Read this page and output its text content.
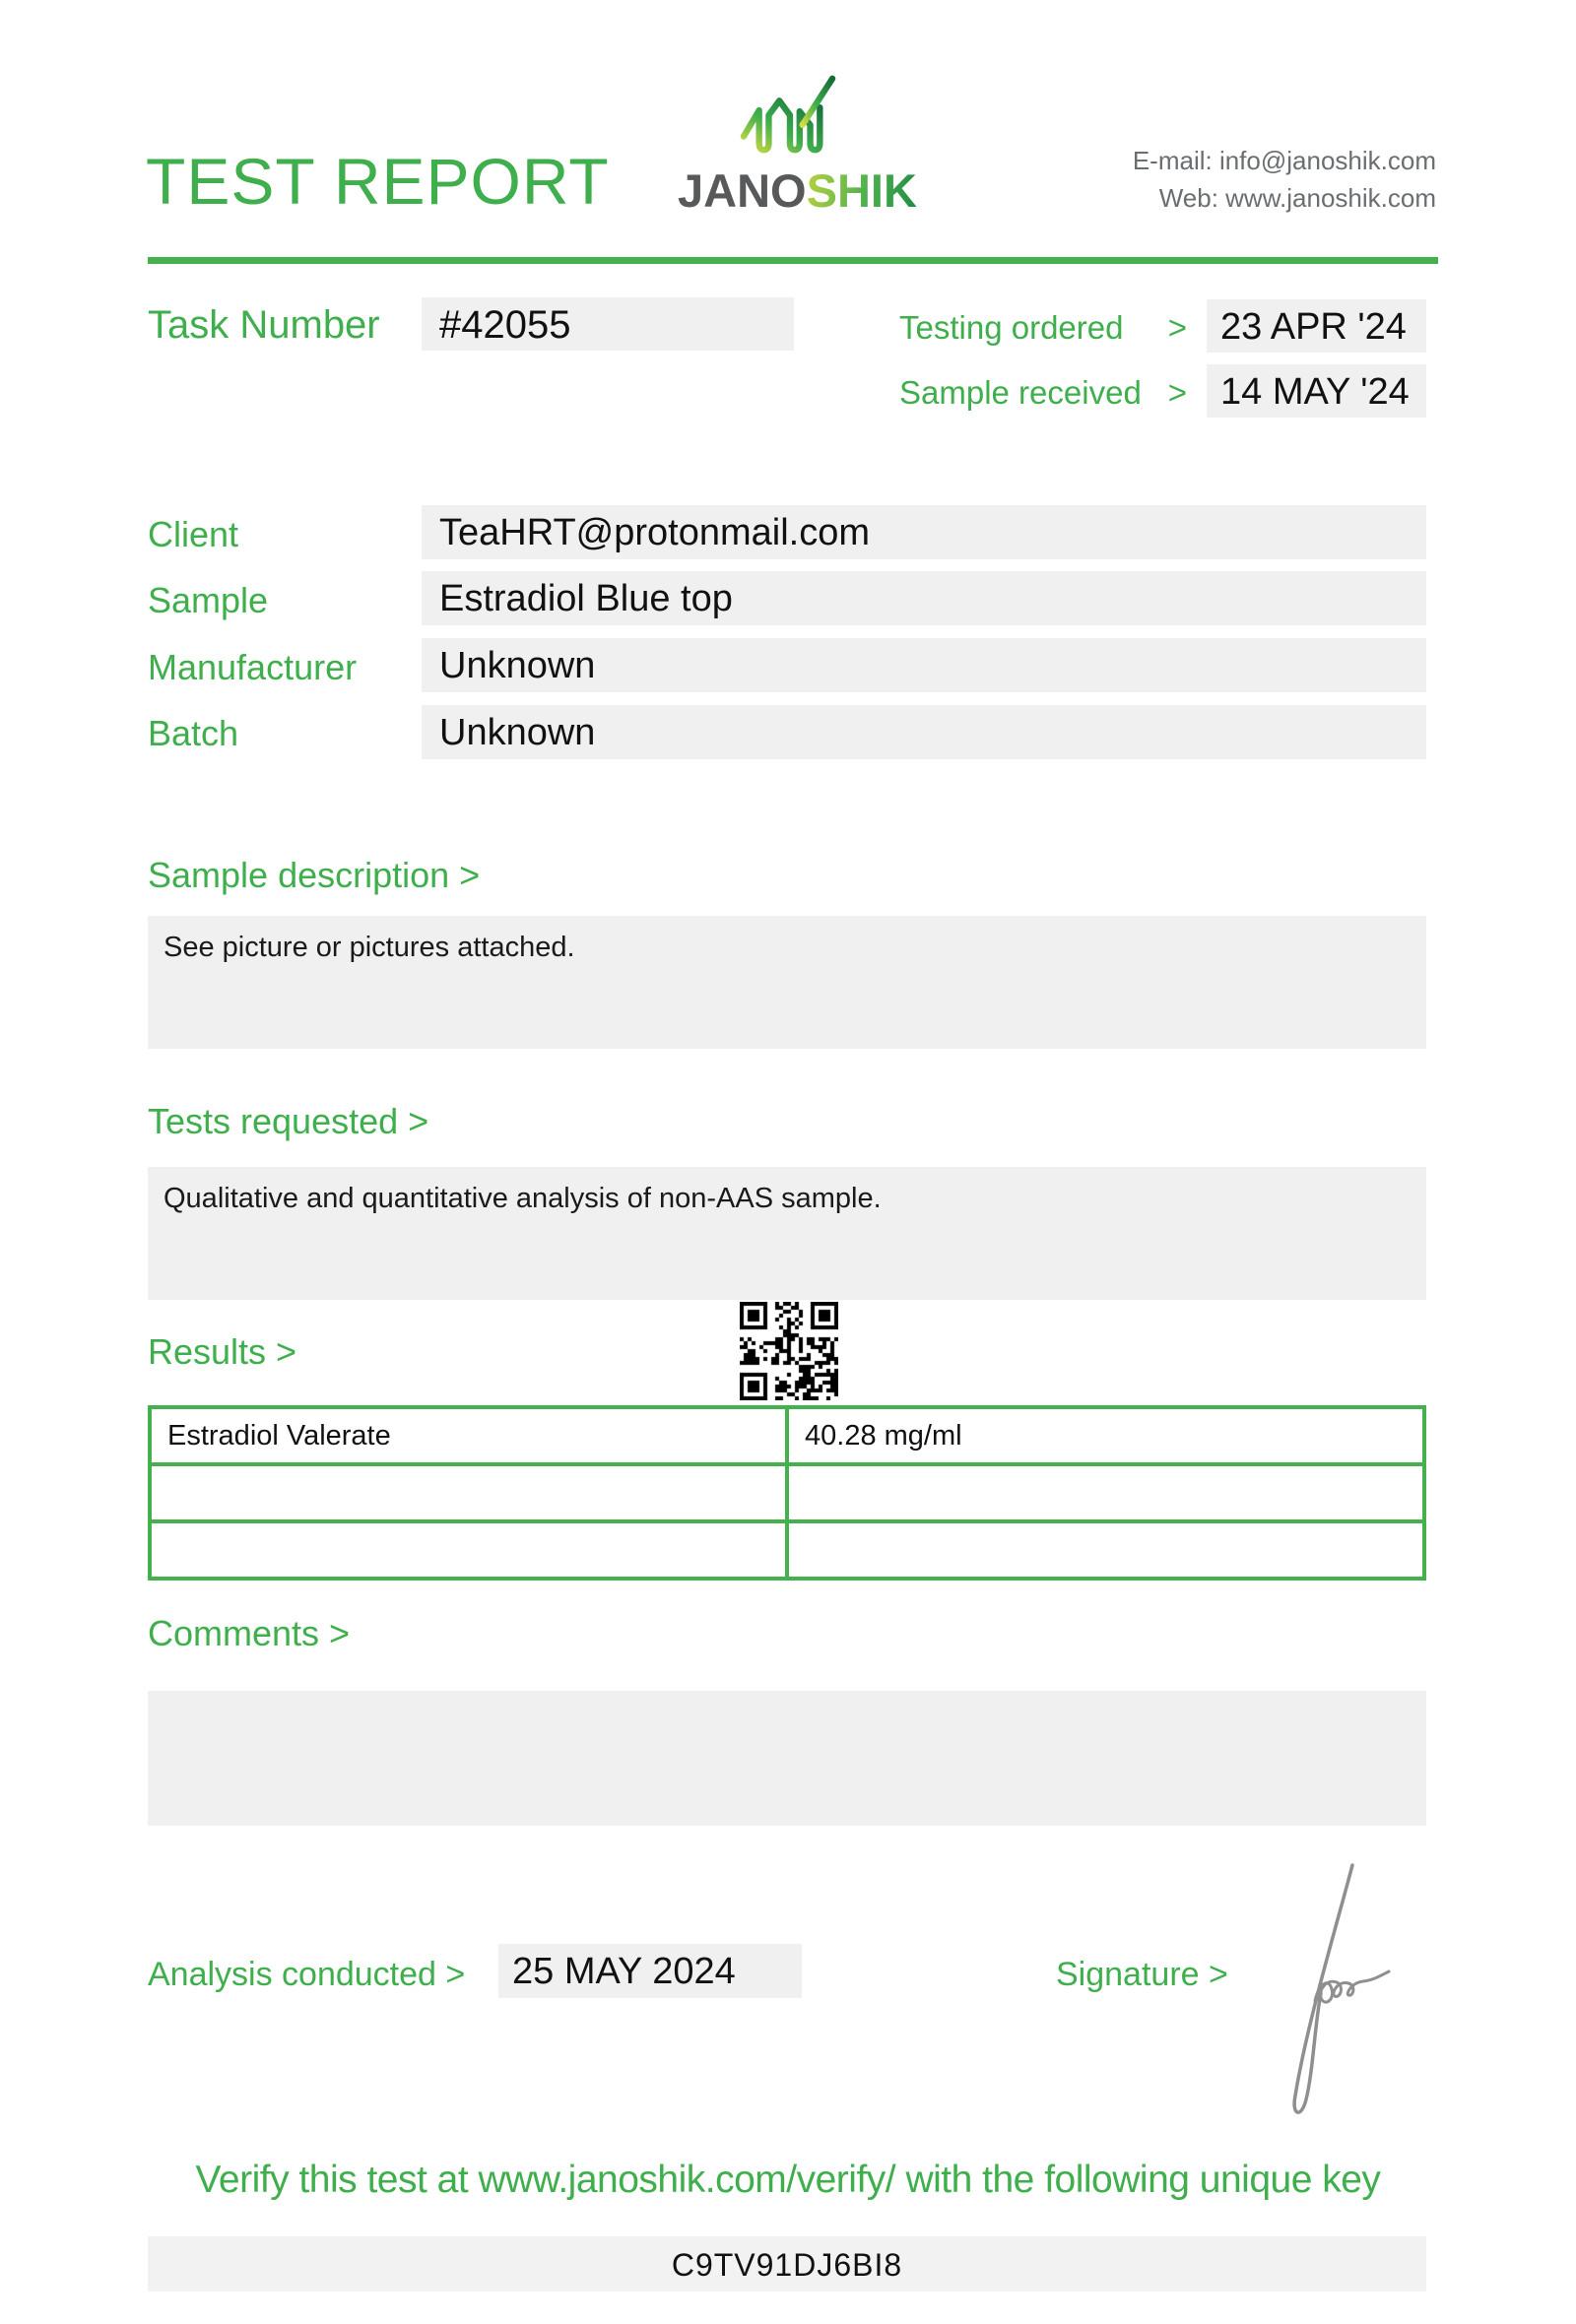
TEST REPORT JANOSHIK
E-mail: info@janoshik.com
Web: www.janoshik.com
Task Number	#42055	Testing ordered > 23 APR '24
Sample received > 14 MAY '24
Client	TeaHRT@protonmail.com
Sample	Estradiol Blue top
Manufacturer	Unknown
Batch	Unknown
Sample description >
See picture or pictures attached.
Tests requested >
Qualitative and quantitative analysis of non-AAS sample.
Results >
Estradiol Valerate	40.28 mg/ml

Comments >
Analysis conducted >	25 MAY 2024	Signature >
Verify this test at www.janoshik.com/verify/ with the following unique key
C9TV91DJ6BI8
